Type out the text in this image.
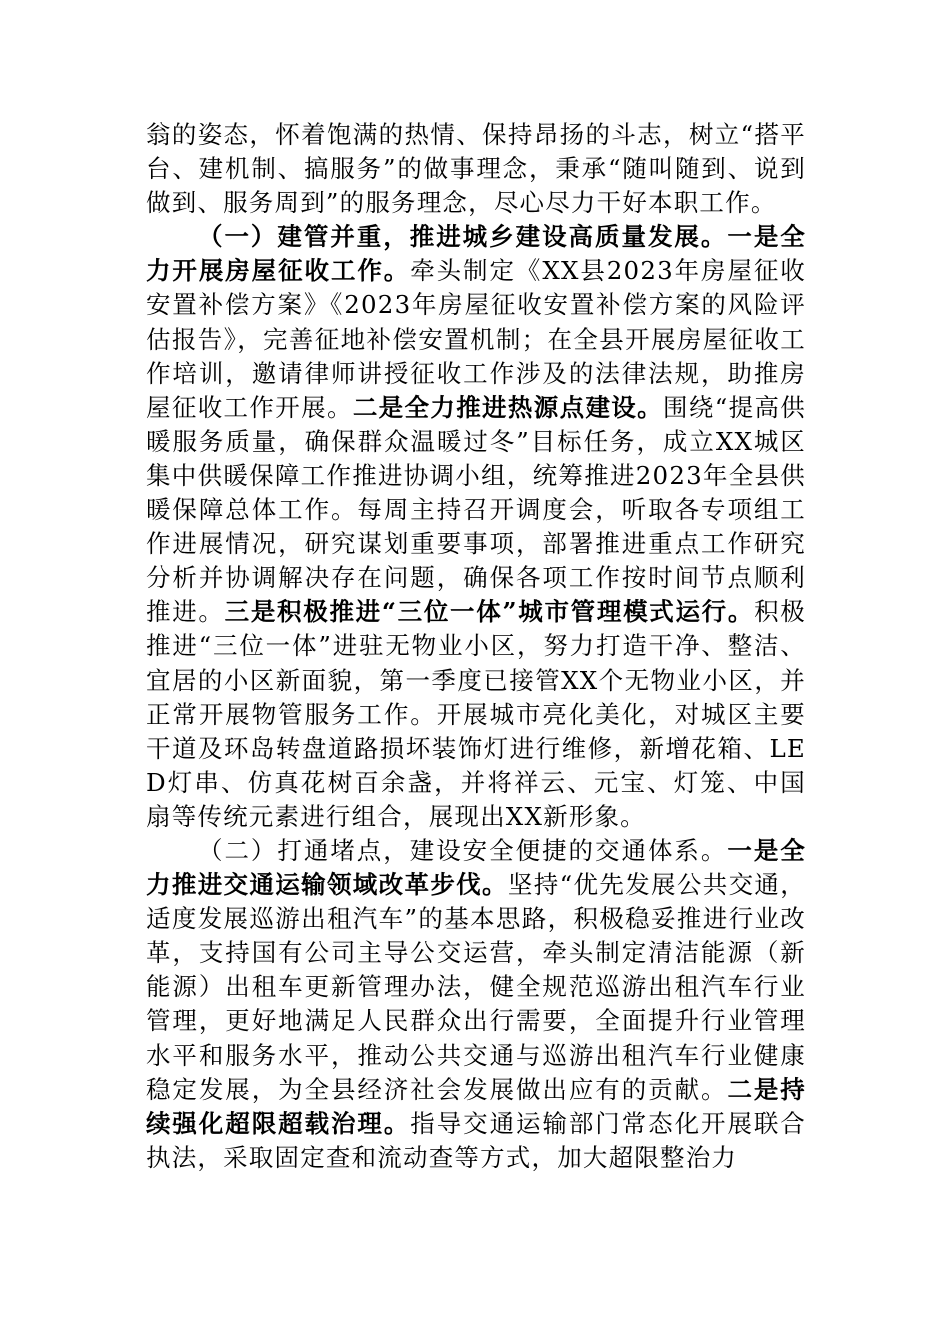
翁的姿态，怀着饱满的热情、保持昂扬的斗志，树立“搭平台、建机制、搞服务”的做事理念，秉承“随叫随到、说到做到、服务周到”的服务理念，尽心尽力干好本职工作。

（一）建管并重，推进城乡建设高质量发展。一是全力开展房屋征收工作。牵头制定《XX县2023年房屋征收安置补偿方案》《2023年房屋征收安置补偿方案的风险评估报告》，完善征地补偿安置机制；在全县开展房屋征收工作培训，邀请律师讲授征收工作涉及的法律法规，助推房屋征收工作开展。二是全力推进热源点建设。围绕“提高供暖服务质量，确保群众温暖过冬”目标任务，成立XX城区集中供暖保障工作推进协调小组，统筹推进2023年全县供暖保障总体工作。每周主持召开调度会，听取各专项组工作进展情况，研究谋划重要事项，部署推进重点工作研究分析并协调解决存在问题，确保各项工作按时间节点顺利推进。三是积极推进“三位一体”城市管理模式运行。积极推进“三位一体”进驻无物业小区，努力打造干净、整洁、宜居的小区新面貌，第一季度已接管XX个无物业小区，并正常开展物管服务工作。开展城市亮化美化，对城区主要干道及环岛转盘道路损坏装饰灯进行维修，新增花箱、LED灯串、仿真花树百余盏，并将祥云、元宝、灯笼、中国扇等传统元素进行组合，展现出XX新形象。

（二）打通堵点，建设安全便捷的交通体系。一是全力推进交通运输领域改革步伐。坚持“优先发展公共交通，适度发展巡游出租汽车”的基本思路，积极稳妥推进行业改革，支持国有公司主导公交运营，牵头制定清洁能源（新能源）出租车更新管理办法，健全规范巡游出租汽车行业管理，更好地满足人民群众出行需要，全面提升行业管理水平和服务水平，推动公共交通与巡游出租汽车行业健康稳定发展，为全县经济社会发展做出应有的贡献。二是持续强化超限超载治理。指导交通运输部门常态化开展联合执法，采取固定查和流动查等方式，加大超限整治力
